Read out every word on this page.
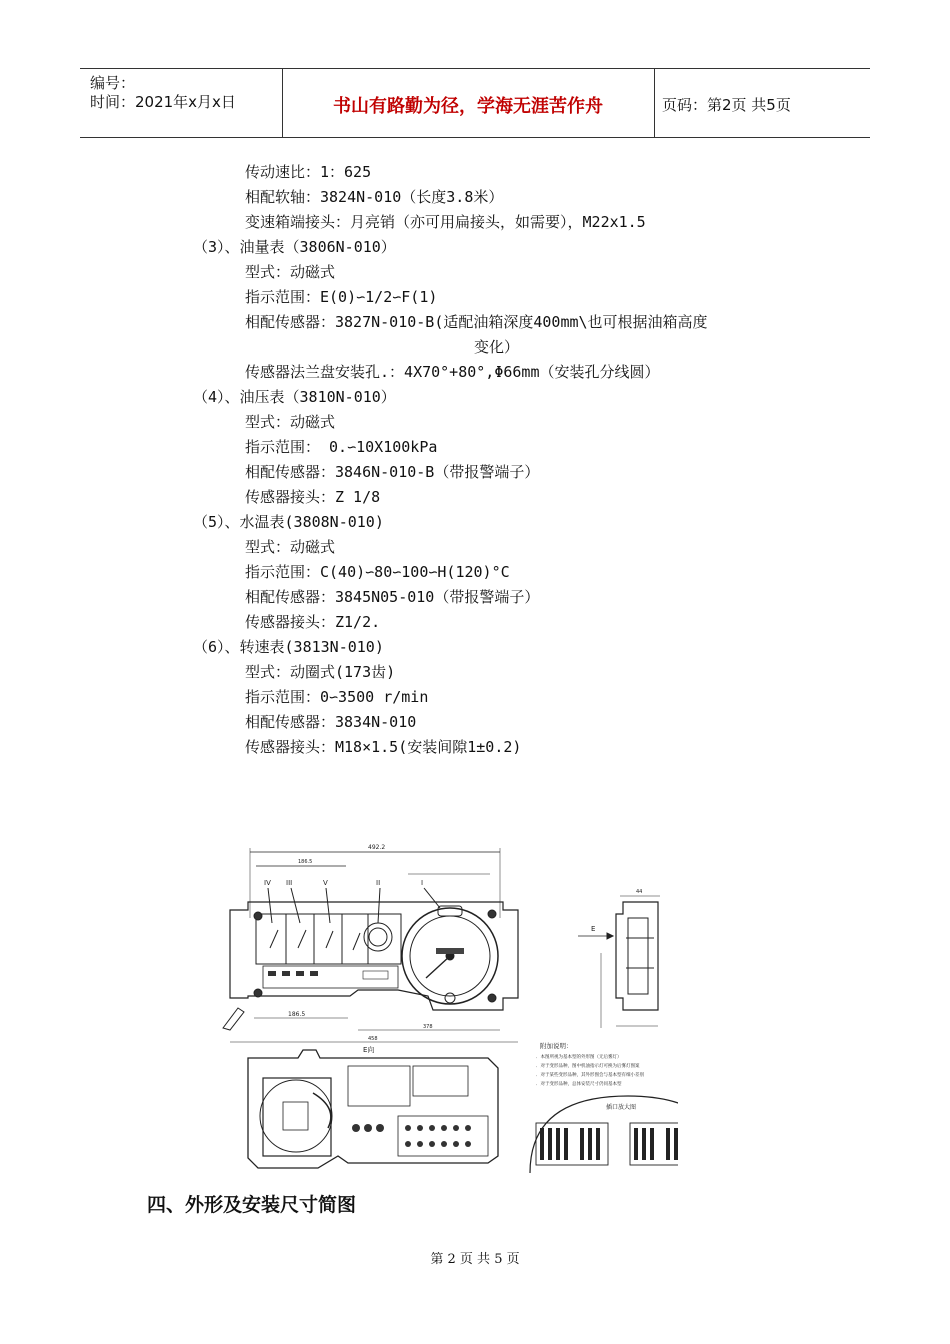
编号：
时间：2021年x月x日	书山有路勤为径，学海无涯苦作舟	页码：第2页 共5页
传动速比：1：625
相配软轴：3824N-010（长度3.8米）
变速箱端接头：月亮销（亦可用扁接头，如需要），M22x1.5
（3）、油量表（3806N-010）
型式：动磁式
指示范围：E(0)∽1/2∽F(1)
相配传感器：3827N-010-B(适配油箱深度400mm\也可根据油箱高度
变化）
传感器法兰盘安装孔.：4X70°+80°,Φ66mm（安装孔分线圆）
（4）、油压表（3810N-010）
型式：动磁式
指示范围： 0.∽10X100kPa
相配传感器：3846N-010-B（带报警端子）
传感器接头：Z 1/8
（5）、水温表(3808N-010)
型式：动磁式
指示范围：C(40)∽80∽100∽H(120)°C
相配传感器：3845N05-010（带报警端子）
传感器接头：Z1/2.
（6）、转速表(3813N-010)
型式：动圈式(173齿)
指示范围：0∽3500 r/min
相配传感器：3834N-010
传感器接头：M18×1.5(安装间隙1±0.2)
492.2
186.5
IV III	V	II	I
186.5
378
458
44
E
E向	附加说明：
．本图所视为基本型的外形图（无后雾灯）
．对于变形品种，图中机油指示灯可换为后雾灯图案
．对于某些变形品种，其外形图会与基本型有细小差别
．对于变形品种，总体安装尺寸仍同基本型
插口放大图
四、外形及安装尺寸简图
第 2 页 共 5 页
